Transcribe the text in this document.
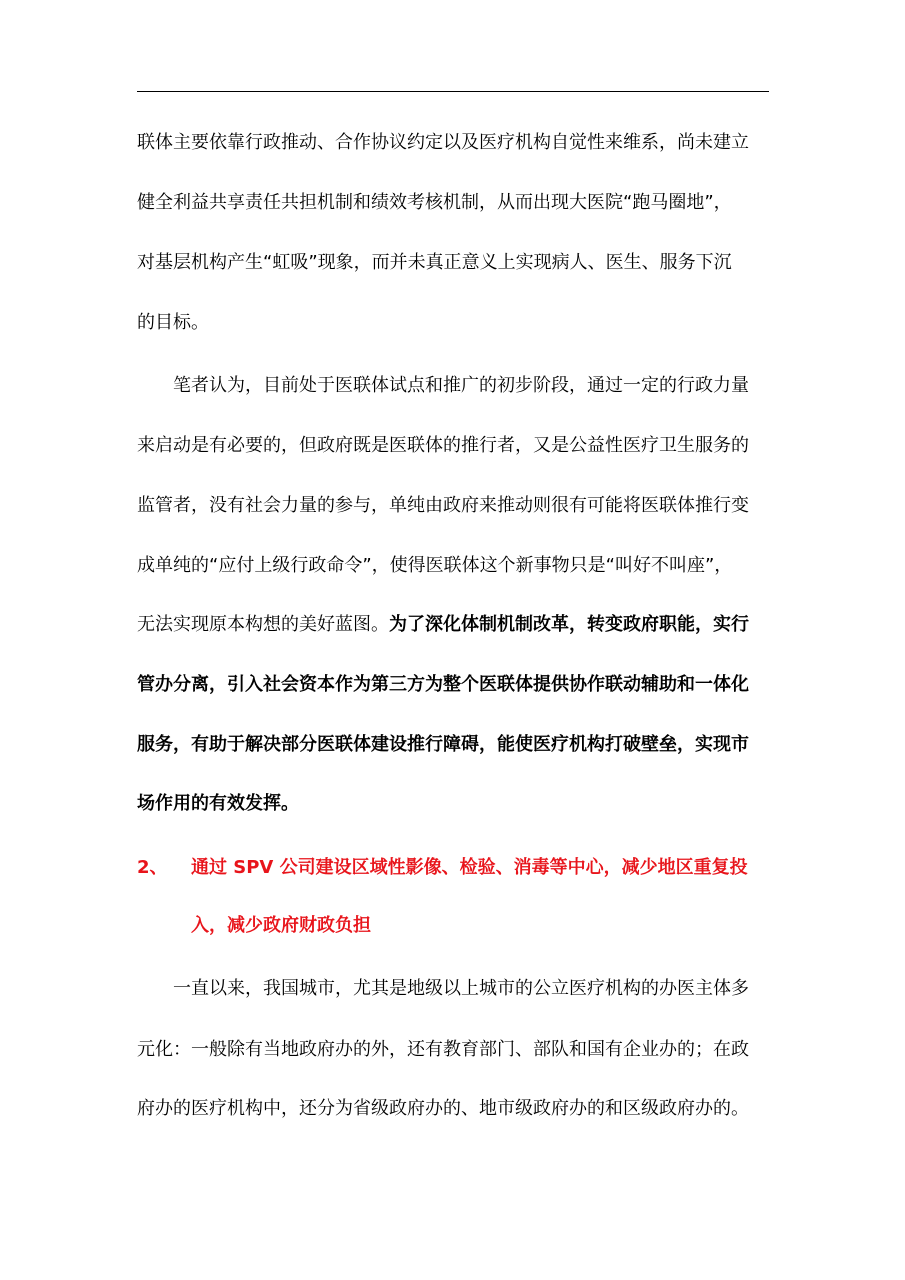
联体主要依靠行政推动、合作协议约定以及医疗机构自觉性来维系，尚未建立
健全利益共享责任共担机制和绩效考核机制，从而出现大医院“跑马圈地”，
对基层机构产生“虹吸”现象，而并未真正意义上实现病人、医生、服务下沉
的目标。
笔者认为，目前处于医联体试点和推广的初步阶段，通过一定的行政力量
来启动是有必要的，但政府既是医联体的推行者，又是公益性医疗卫生服务的
监管者，没有社会力量的参与，单纯由政府来推动则很有可能将医联体推行变
成单纯的“应付上级行政命令”，使得医联体这个新事物只是“叫好不叫座”，
无法实现原本构想的美好蓝图。为了深化体制机制改革，转变政府职能，实行
管办分离，引入社会资本作为第三方为整个医联体提供协作联动辅助和一体化
服务，有助于解决部分医联体建设推行障碍，能使医疗机构打破壁垒，实现市
场作用的有效发挥。
2、	通过 SPV 公司建设区域性影像、检验、消毒等中心，减少地区重复投
入，减少政府财政负担
一直以来，我国城市，尤其是地级以上城市的公立医疗机构的办医主体多
元化：一般除有当地政府办的外，还有教育部门、部队和国有企业办的；在政
府办的医疗机构中，还分为省级政府办的、地市级政府办的和区级政府办的。
